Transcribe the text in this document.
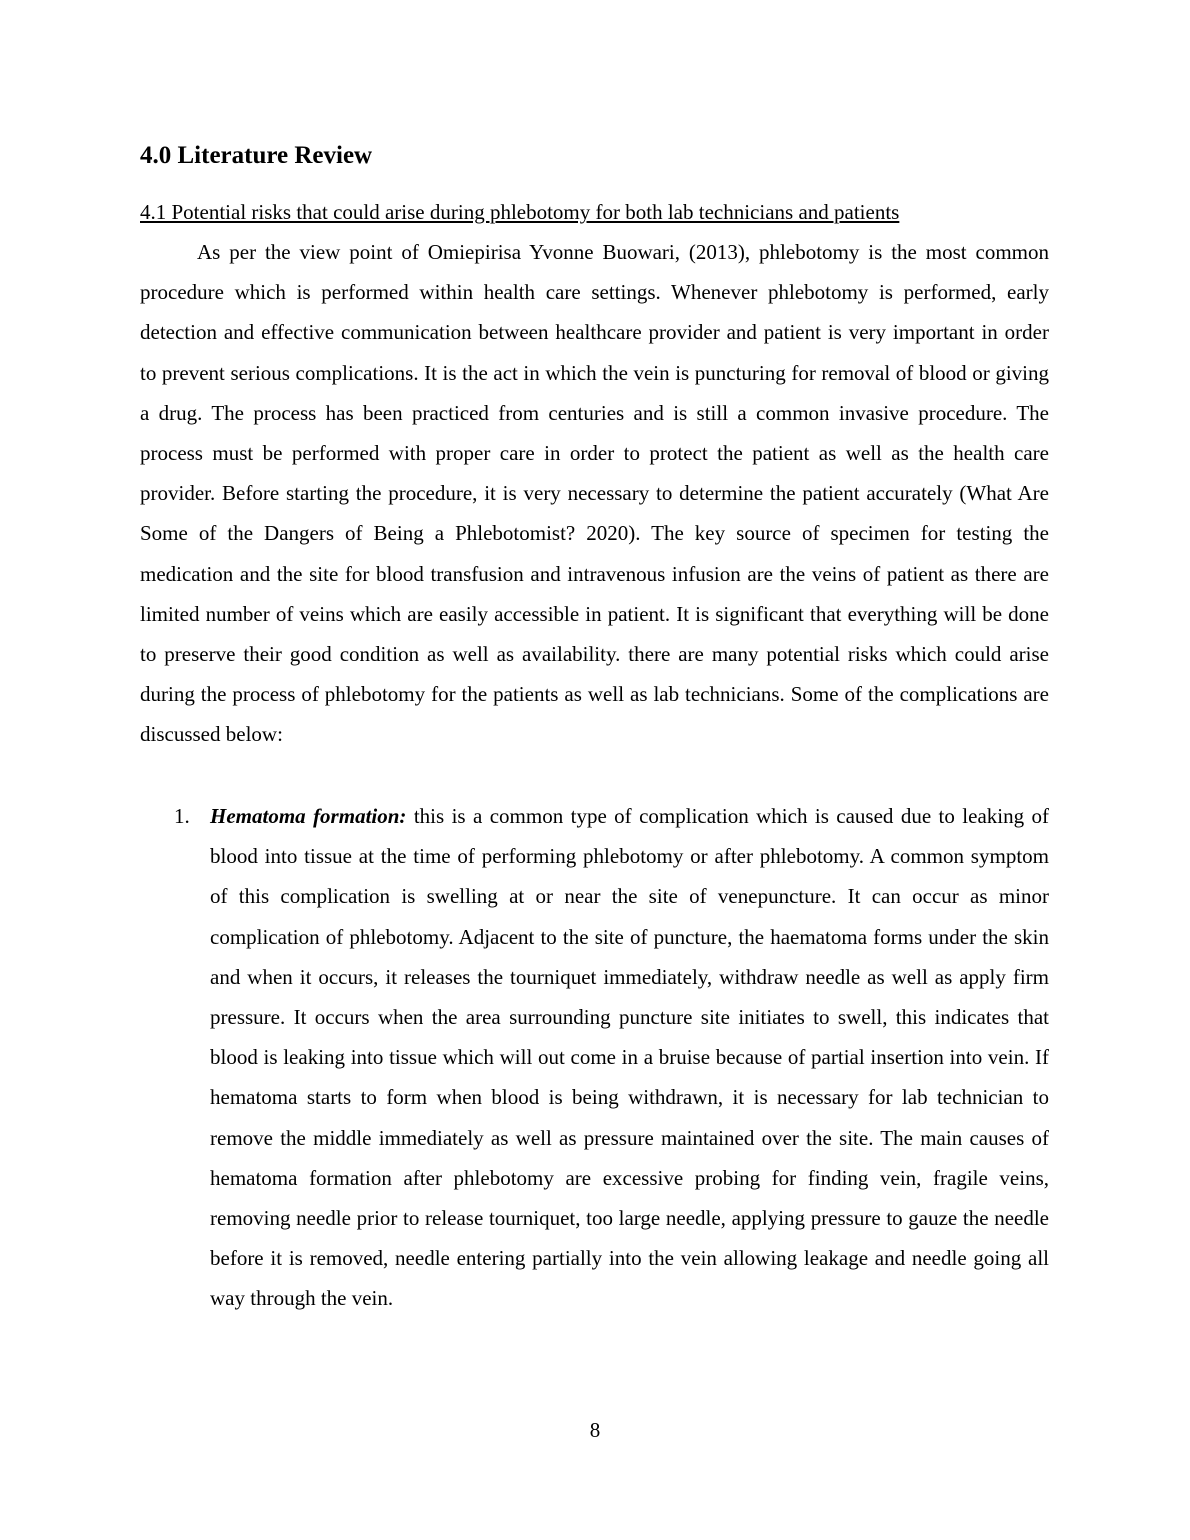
4.0 Literature Review

4.1 Potential risks that could arise during phlebotomy for both lab technicians and patients

As per the view point of Omiepirisa Yvonne Buowari, (2013), phlebotomy is the most common procedure which is performed within health care settings. Whenever phlebotomy is performed, early detection and effective communication between healthcare provider and patient is very important in order to prevent serious complications. It is the act in which the vein is puncturing for removal of blood or giving a drug. The process has been practiced from centuries and is still a common invasive procedure. The process must be performed with proper care in order to protect the patient as well as the health care provider. Before starting the procedure, it is very necessary to determine the patient accurately (What Are Some of the Dangers of Being a Phlebotomist? 2020). The key source of specimen for testing the medication and the site for blood transfusion and intravenous infusion are the veins of patient as there are limited number of veins which are easily accessible in patient. It is significant that everything will be done to preserve their good condition as well as availability. there are many potential risks which could arise during the process of phlebotomy for the patients as well as lab technicians. Some of the complications are discussed below:

1. Hematoma formation: this is a common type of complication which is caused due to leaking of blood into tissue at the time of performing phlebotomy or after phlebotomy. A common symptom of this complication is swelling at or near the site of venepuncture. It can occur as minor complication of phlebotomy. Adjacent to the site of puncture, the haematoma forms under the skin and when it occurs, it releases the tourniquet immediately, withdraw needle as well as apply firm pressure. It occurs when the area surrounding puncture site initiates to swell, this indicates that blood is leaking into tissue which will out come in a bruise because of partial insertion into vein. If hematoma starts to form when blood is being withdrawn, it is necessary for lab technician to remove the middle immediately as well as pressure maintained over the site. The main causes of hematoma formation after phlebotomy are excessive probing for finding vein, fragile veins, removing needle prior to release tourniquet, too large needle, applying pressure to gauze the needle before it is removed, needle entering partially into the vein allowing leakage and needle going all way through the vein.
8
